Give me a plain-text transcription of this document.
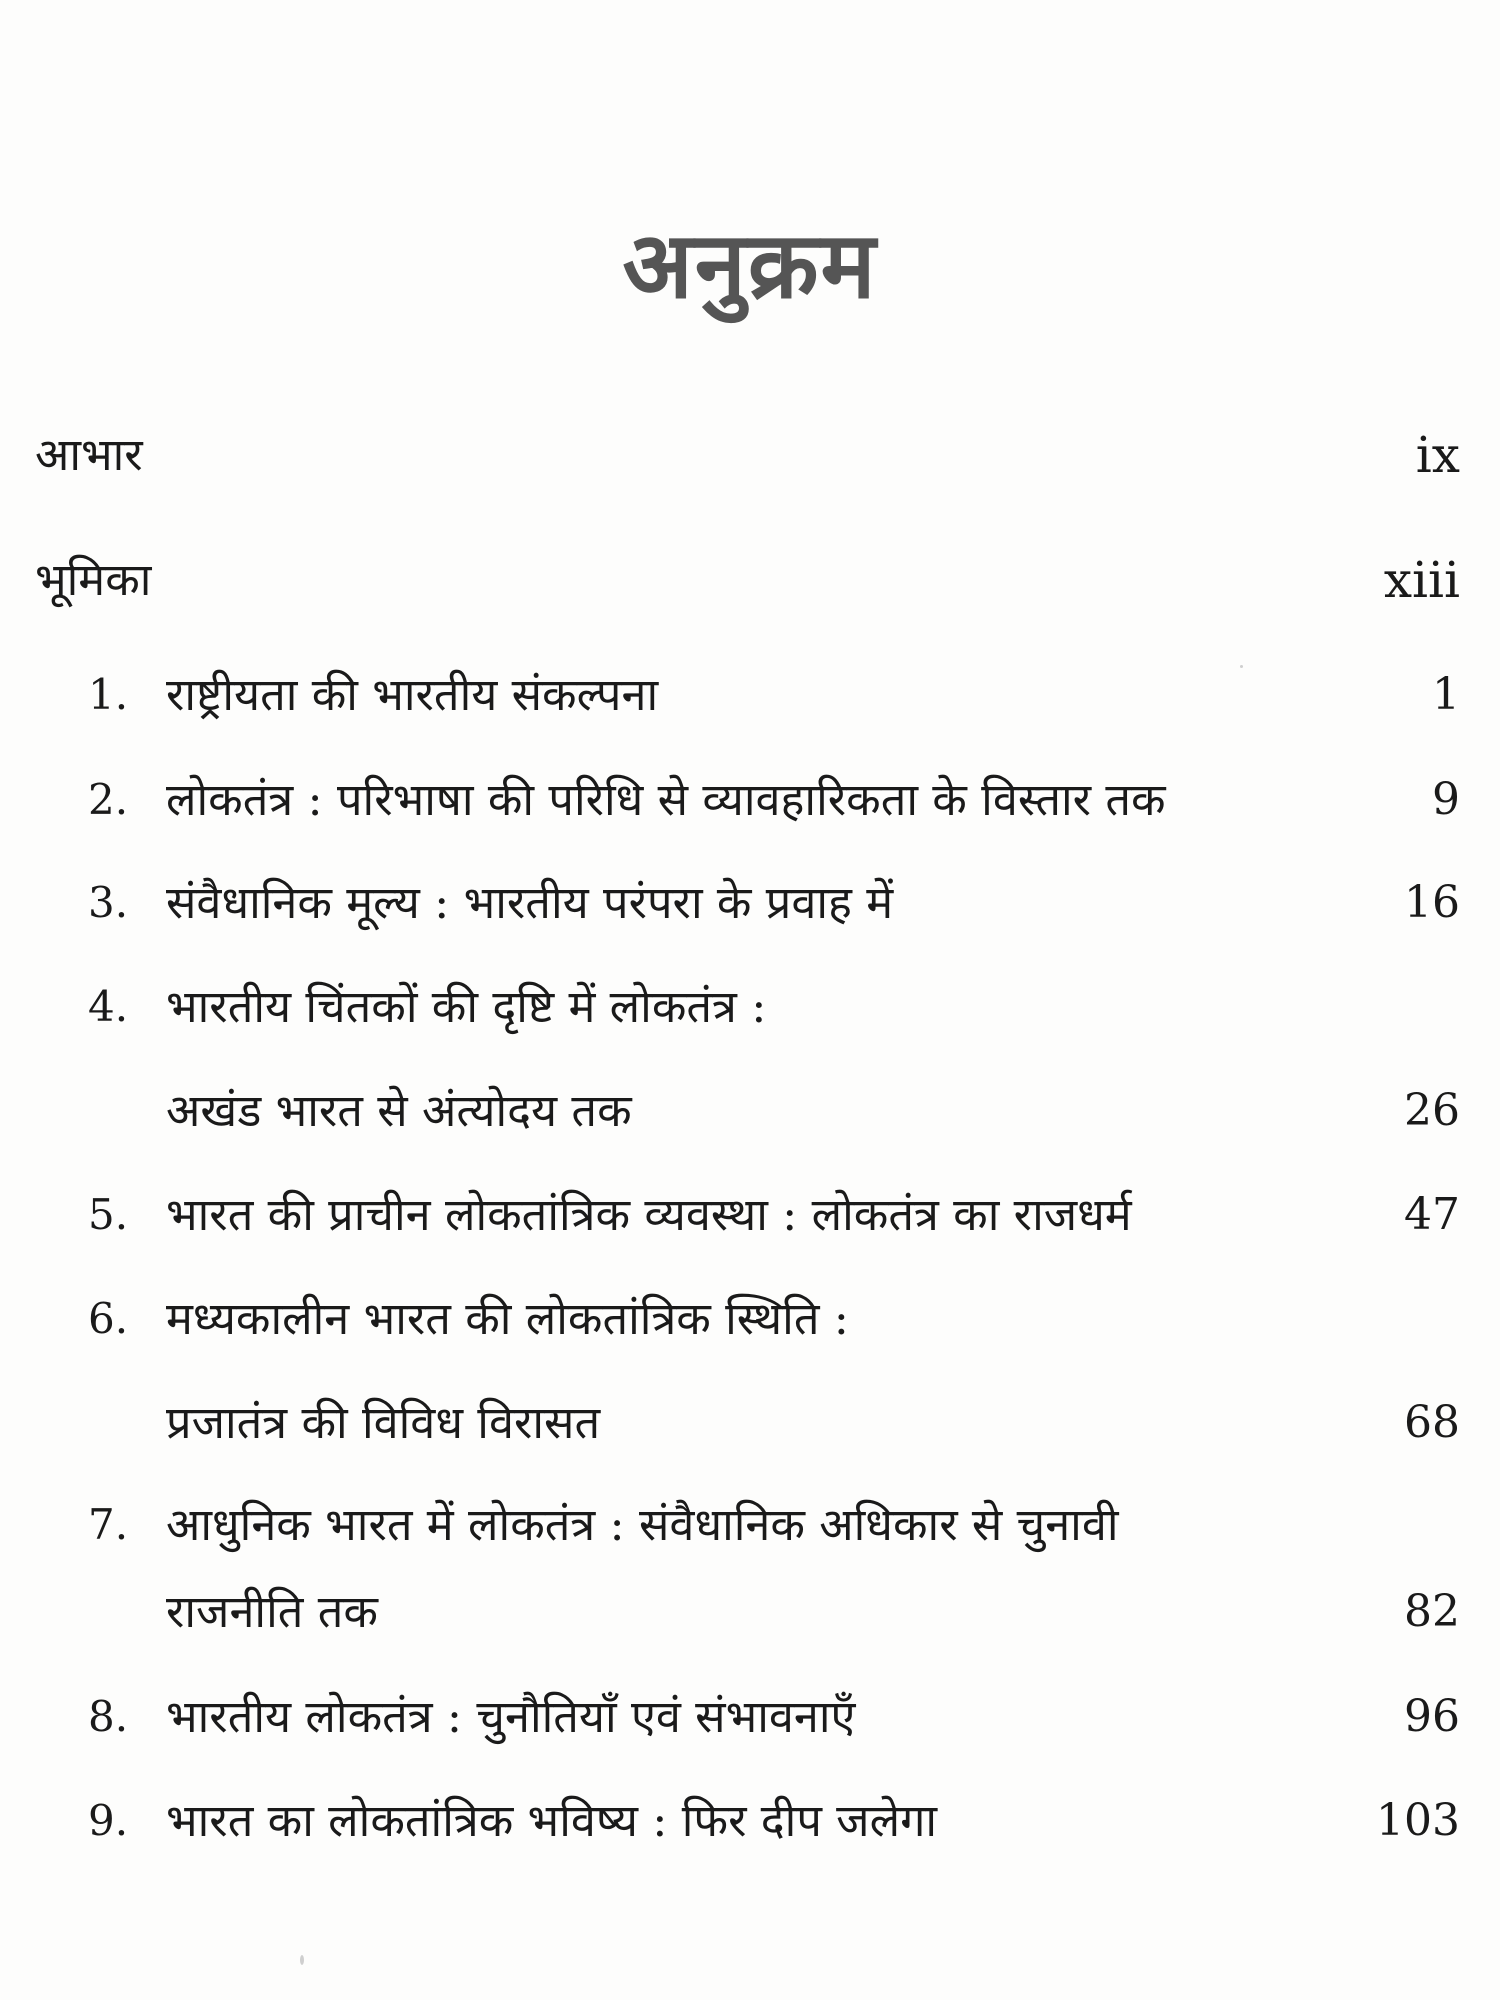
अनुक्रम
आभार	ix
भूमिका	xiii
1. राष्ट्रीयता की भारतीय संकल्पना	1
2. लोकतंत्र : परिभाषा की परिधि से व्यावहारिकता के विस्तार तक	9
3. संवैधानिक मूल्य : भारतीय परंपरा के प्रवाह में	16
4. भारतीय चिंतकों की दृष्टि में लोकतंत्र :
अखंड भारत से अंत्योदय तक	26
5. भारत की प्राचीन लोकतांत्रिक व्यवस्था : लोकतंत्र का राजधर्म	47
6. मध्यकालीन भारत की लोकतांत्रिक स्थिति :
प्रजातंत्र की विविध विरासत	68
7. आधुनिक भारत में लोकतंत्र : संवैधानिक अधिकार से चुनावी
राजनीति तक	82
8. भारतीय लोकतंत्र : चुनौतियाँ एवं संभावनाएँ	96
9. भारत का लोकतांत्रिक भविष्य : फिर दीप जलेगा	103
